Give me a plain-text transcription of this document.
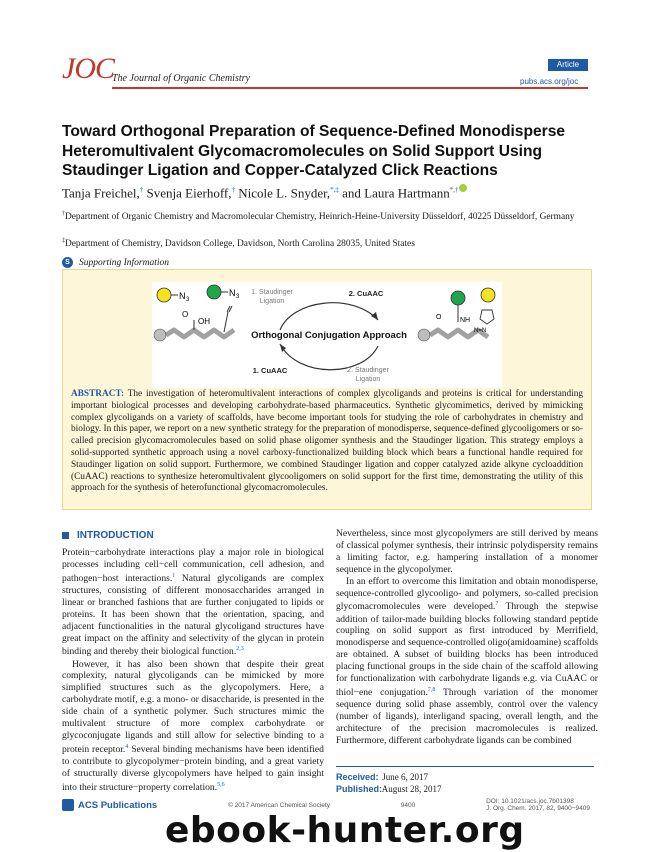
JOC
The Journal of Organic Chemistry
Article
pubs.acs.org/joc
Toward Orthogonal Preparation of Sequence-Defined Monodisperse Heteromultivalent Glycomacromolecules on Solid Support Using Staudinger Ligation and Copper-Catalyzed Click Reactions
Tanja Freichel,† Svenja Eierhoff,† Nicole L. Snyder,*,‡ and Laura Hartmann*,†
†Department of Organic Chemistry and Macromolecular Chemistry, Heinrich-Heine-University Düsseldorf, 40225 Düsseldorf, Germany
‡Department of Chemistry, Davidson College, Davidson, North Carolina 28035, United States
S Supporting Information
N 3
N 3
O
OH
1. Staudinger
Ligation
2. CuAAC
Orthogonal Conjugation Approach
1. CuAAC	2. Staudinger
Ligation
NH
O
N=N

ABSTRACT: The investigation of heteromultivalent interactions of complex glycoligands and proteins is critical for understanding important biological processes and developing carbohydrate-based pharmaceutics. Synthetic glycomimetics, derived by mimicking complex glycoligands on a variety of scaffolds, have become important tools for studying the role of carbohydrates in chemistry and biology. In this paper, we report on a new synthetic strategy for the preparation of monodisperse, sequence-defined glycooligomers or so-called precision glycomacromolecules based on solid phase oligomer synthesis and the Staudinger ligation. This strategy employs a solid-supported synthetic approach using a novel carboxy-functionalized building block which bears a functional handle required for Staudinger ligation on solid support. Furthermore, we combined Staudinger ligation and copper catalyzed azide alkyne cycloaddition (CuAAC) reactions to synthesize heteromultivalent glycooligomers on solid support for the first time, demonstrating the utility of this approach for the synthesis of heterofunctional glycomacromolecules.

INTRODUCTION

Protein−carbohydrate interactions play a major role in biological processes including cell−cell communication, cell adhesion, and pathogen−host interactions.$^1$ Natural glycoligands are complex structures, consisting of different monosaccharides arranged in linear or branched fashions that are further conjugated to lipids or proteins. It has been shown that the orientation, spacing, and adjacent functionalities in the natural glycoligand structures have great impact on the affinity and selectivity of the glycan in protein binding and thereby their biological function.$^{2,3}$

However, it has also been shown that despite their great complexity, natural glycoligands can be mimicked by more simplified structures such as the glycopolymers. Here, a carbohydrate motif, e.g. a mono- or disaccharide, is presented in the side chain of a synthetic polymer. Such structures mimic the multivalent structure of more complex carbohydrate or glycoconjugate ligands and still allow for selective binding to a protein receptor.$^4$ Several binding mechanisms have been identified to contribute to glycopolymer−protein binding, and a great variety of structurally diverse glycopolymers have helped to gain insight into their structure−property correlation.$^{5,6}$

Nevertheless, since most glycopolymers are still derived by means of classical polymer synthesis, their intrinsic polydispersity remains a limiting factor, e.g. hampering installation of a monomer sequence in the glycopolymer.

In an effort to overcome this limitation and obtain monodisperse, sequence-controlled glycooligo- and polymers, so-called precision glycomacromolecules were developed.$^7$ Through the stepwise addition of tailor-made building blocks following standard peptide coupling on solid support as first introduced by Merrifield, monodisperse and sequence-controlled oligo(amidoamine) scaffolds are obtained. A subset of building blocks has been introduced placing functional groups in the side chain of the scaffold allowing for functionalization with carbohydrate ligands e.g. via CuAAC or thiol−ene conjugation.$^{7,8}$ Through variation of the monomer sequence during solid phase assembly, control over the valency (number of ligands), interligand spacing, overall length, and the architecture of the precision macromolecules is realized. Furthermore, different carbohydrate ligands can be combined

Received: June 6, 2017
Published: August 28, 2017
ACS Publications	© 2017 American Chemical Society	9400	DOI: 10.1021/acs.joc.7b01398
J. Org. Chem. 2017, 82, 9400−9409
ebook-hunter.org
